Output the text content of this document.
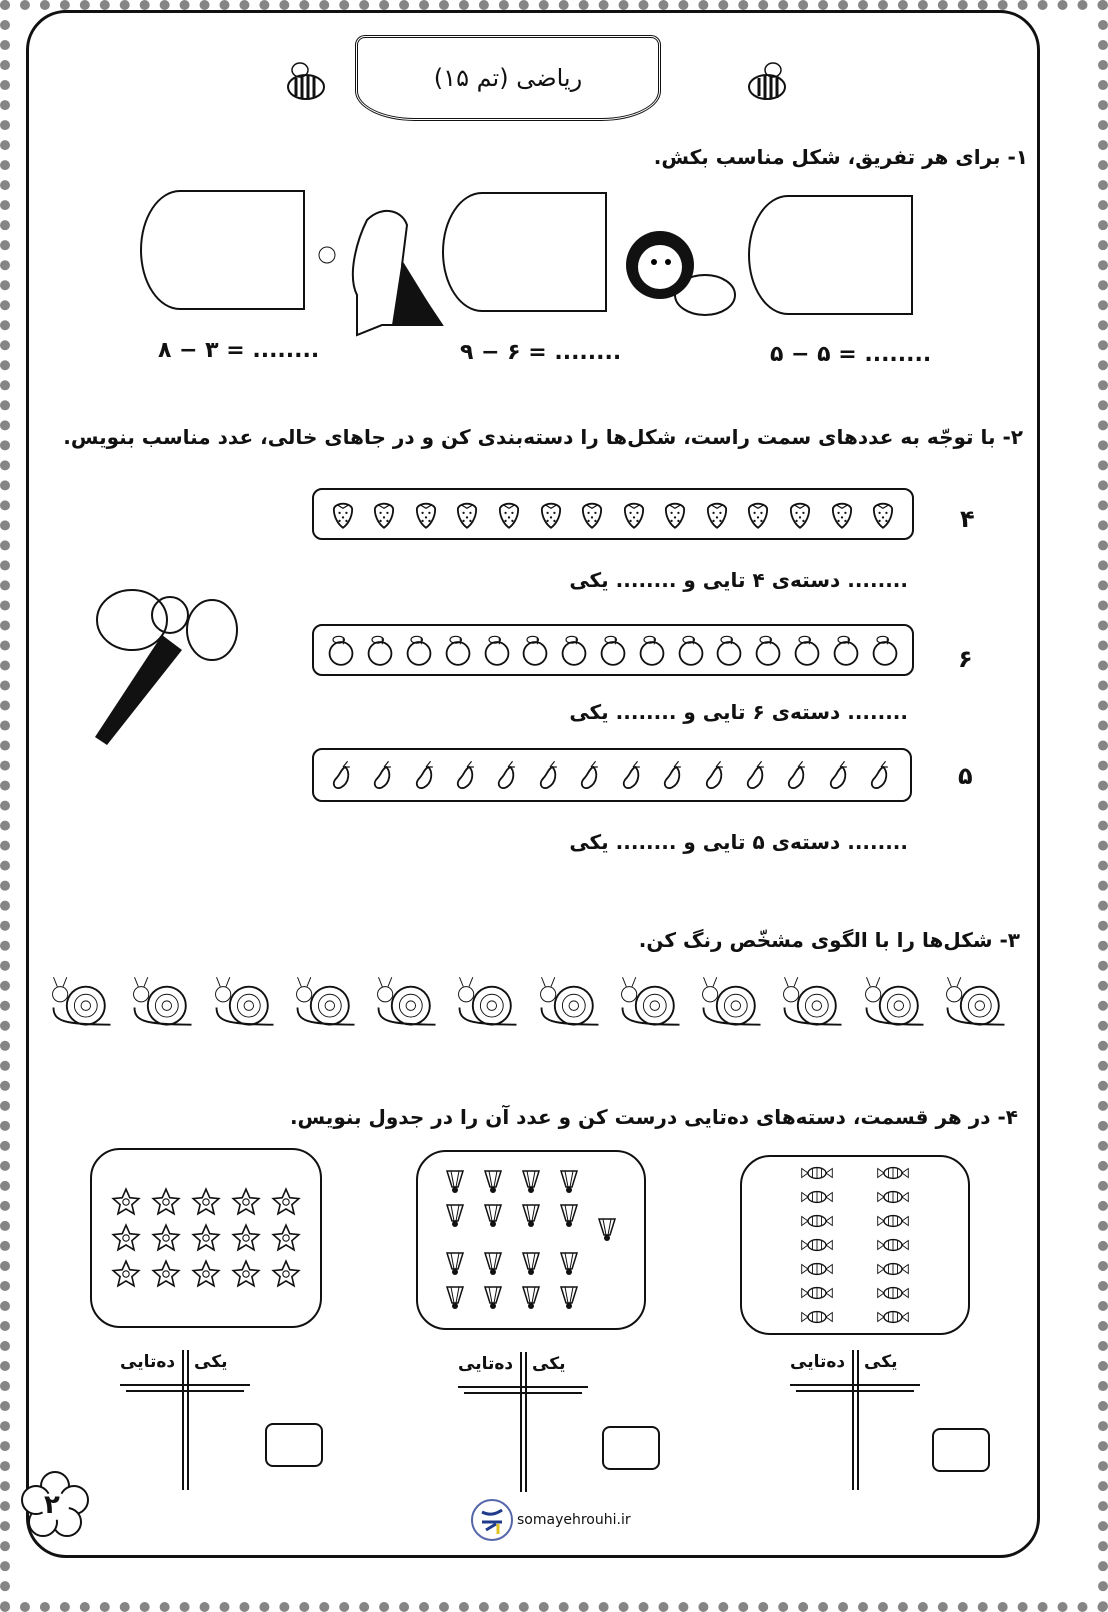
ریاضی (تم ۱۵)
۱- برای هر تفریق، شکل مناسب بکش.
۵ − ۵ = ........
۹ − ۶ = ........
۸ − ۳ = ........
۲- با توجّه به عددهای سمت راست، شکل‌ها را دسته‌بندی کن و در جاهای خالی، عدد مناسب بنویس.
۴
........ دسته‌ی ۴ تایی و ........ یکی
۶
........ دسته‌ی ۶ تایی و ........ یکی
۵
........ دسته‌ی ۵ تایی و ........ یکی
۳- شکل‌ها را با الگوی مشخّص رنگ کن.
۴- در هر قسمت، دسته‌های ده‌تایی درست کن و عدد آن را در جدول بنویس.
ده‌تایی یکی
ده‌تایی یکی
ده‌تایی یکی
۲	somayehrouhi.ir
